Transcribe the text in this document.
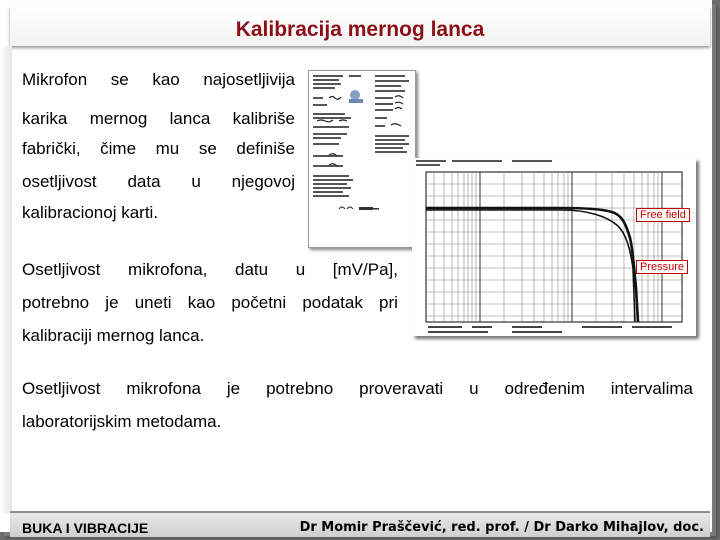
Kalibracija mernog lanca
Mikrofon se kao najosetljivija
karika mernog lanca kalibriše
fabrički, čime mu se definiše
osetljivost data u njegovoj
kalibracionoj karti.
Osetljivost mikrofona, datu u [mV/Pa],
potrebno je uneti kao početni podatak pri
kalibraciji mernog lanca.
Osetljivost mikrofona je potrebno proveravati u određenim intervalima
laboratorijskim metodama.
Free field
Pressure
BUKA I VIBRACIJE	Dr Momir Praščević, red. prof. / Dr Darko Mihajlov, doc.
